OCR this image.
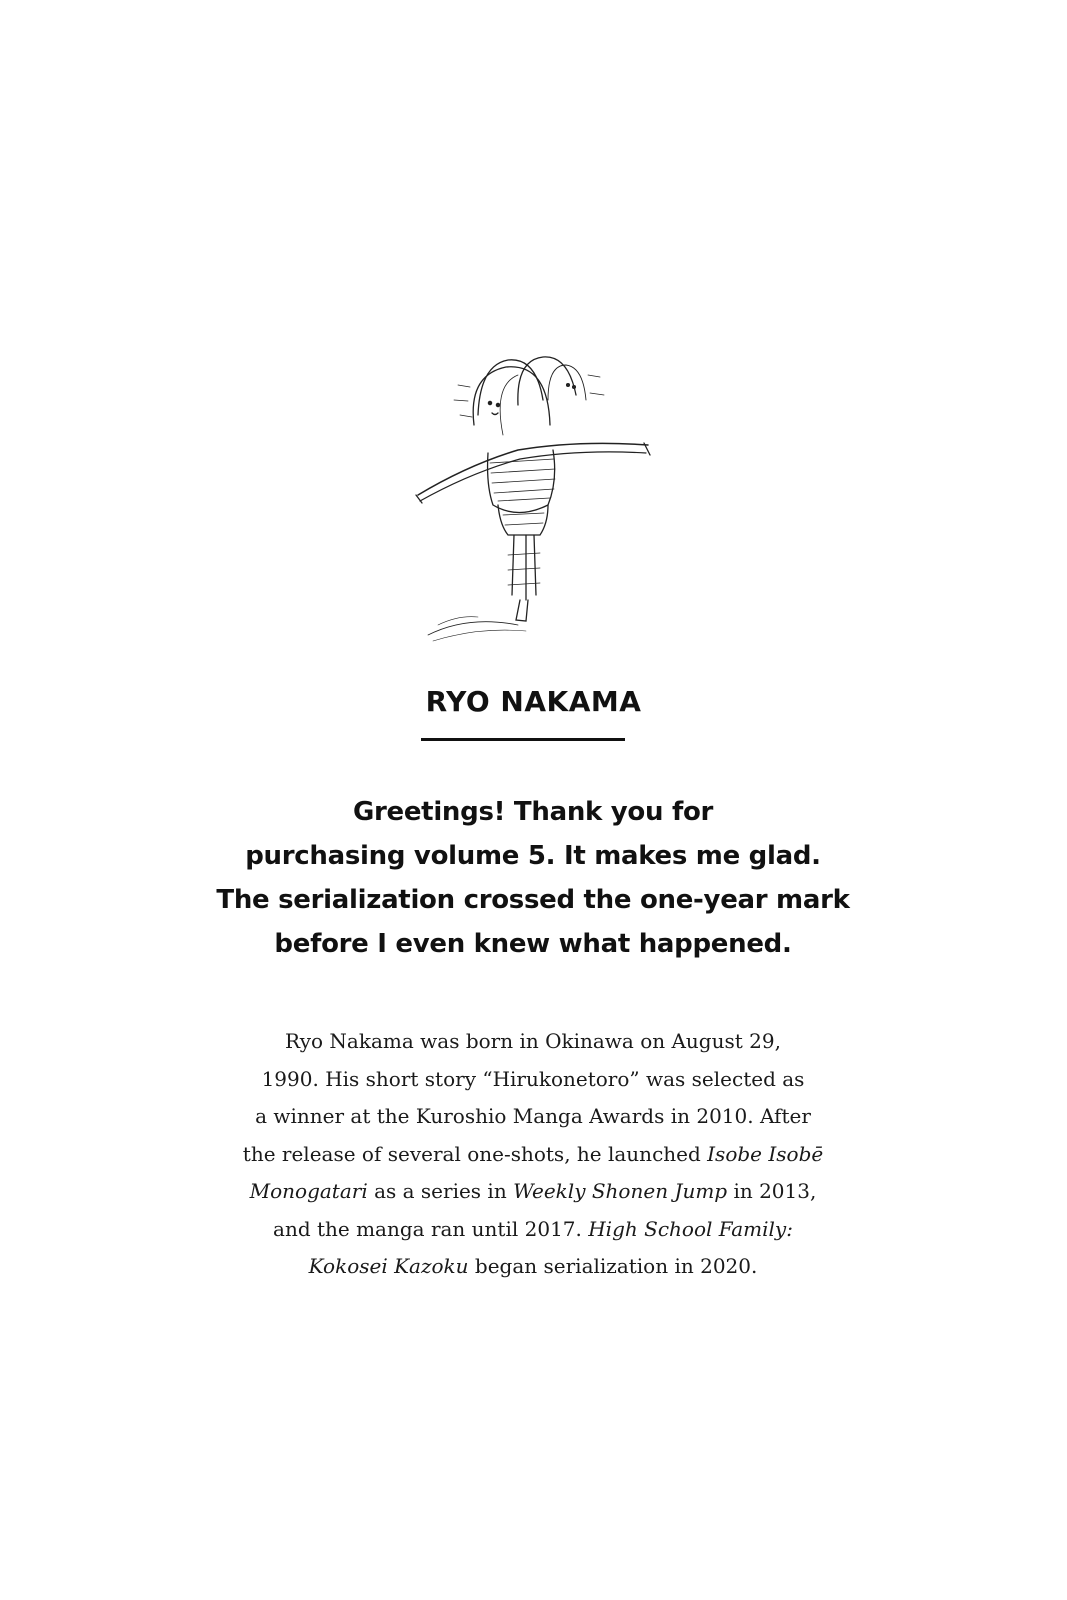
RYO NAKAMA
Greetings! Thank you for
purchasing volume 5. It makes me glad.
The serialization crossed the one-year mark
before I even knew what happened.
Ryo Nakama was born in Okinawa on August 29,
1990. His short story “Hirukonetoro” was selected as
a winner at the Kuroshio Manga Awards in 2010. After
the release of several one-shots, he launched Isobe Isobē
Monogatari as a series in Weekly Shonen Jump in 2013,
and the manga ran until 2017. High School Family:
Kokosei Kazoku began serialization in 2020.
